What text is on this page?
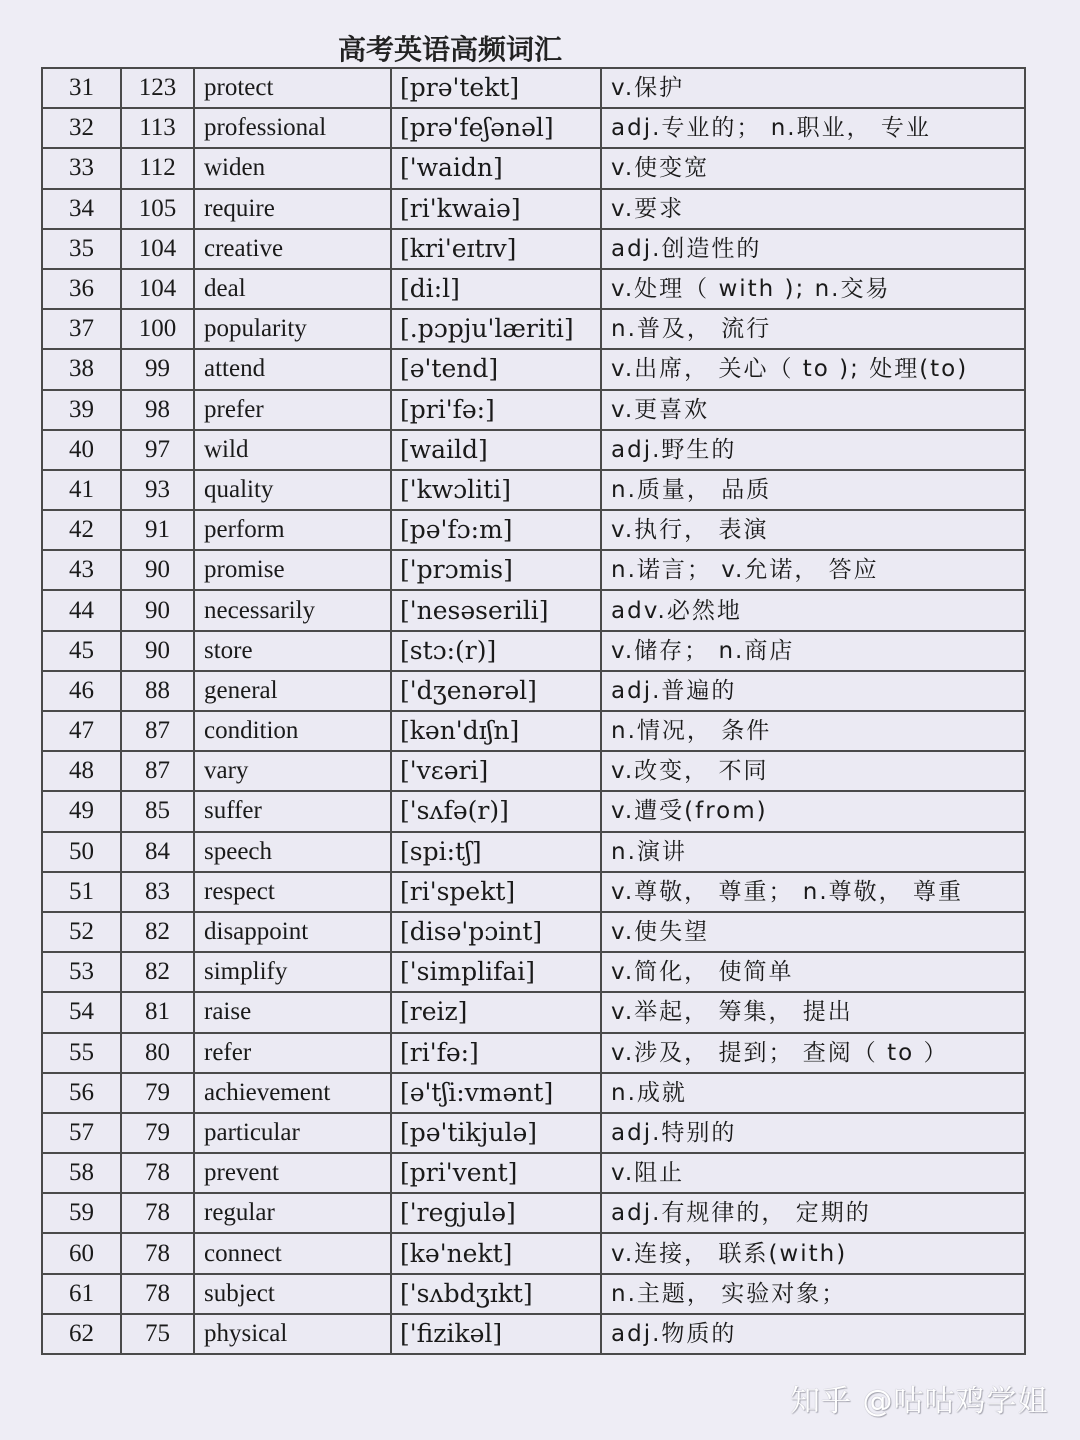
高考英语高频词汇
31	123	protect	[prə'tekt]	v.保护
32	113	professional	[prə'feʃənəl]	adj.专业的； n.职业， 专业
33	112	widen	['waidn]	v.使变宽
34	105	require	[ri'kwaiə]	v.要求
35	104	creative	[kri'eɪtɪv]	adj.创造性的
36	104	deal	[di:l]	v.处理（ with ); n.交易
37	100	popularity	[.pɔpju'læriti]	n.普及， 流行
38	99	attend	[ə'tend]	v.出席， 关心（ to ); 处理(to)
39	98	prefer	[pri'fə:]	v.更喜欢
40	97	wild	[waild]	adj.野生的
41	93	quality	['kwɔliti]	n.质量， 品质
42	91	perform	[pə'fɔ:m]	v.执行， 表演
43	90	promise	['prɔmis]	n.诺言； v.允诺， 答应
44	90	necessarily	['nesəserili]	adv.必然地
45	90	store	[stɔ:(r)]	v.储存； n.商店
46	88	general	['dʒenərəl]	adj.普遍的
47	87	condition	[kən'dɪʃn]	n.情况， 条件
48	87	vary	['vεəri]	v.改变， 不同
49	85	suffer	['sʌfə(r)]	v.遭受(from)
50	84	speech	[spi:tʃ]	n.演讲
51	83	respect	[ri'spekt]	v.尊敬， 尊重； n.尊敬， 尊重
52	82	disappoint	[disə'pɔint]	v.使失望
53	82	simplify	['simplifai]	v.简化， 使简单
54	81	raise	[reiz]	v.举起， 筹集， 提出
55	80	refer	[ri'fə:]	v.涉及， 提到； 查阅（ to ）
56	79	achievement	[ə'tʃi:vmənt]	n.成就
57	79	particular	[pə'tikjulə]	adj.特别的
58	78	prevent	[pri'vent]	v.阻止
59	78	regular	['regjulə]	adj.有规律的， 定期的
60	78	connect	[kə'nekt]	v.连接， 联系(with)
61	78	subject	['sʌbdʒɪkt]	n.主题， 实验对象；
62	75	physical	['fizikəl]	adj.物质的
知乎 @咕咕鸡学姐
